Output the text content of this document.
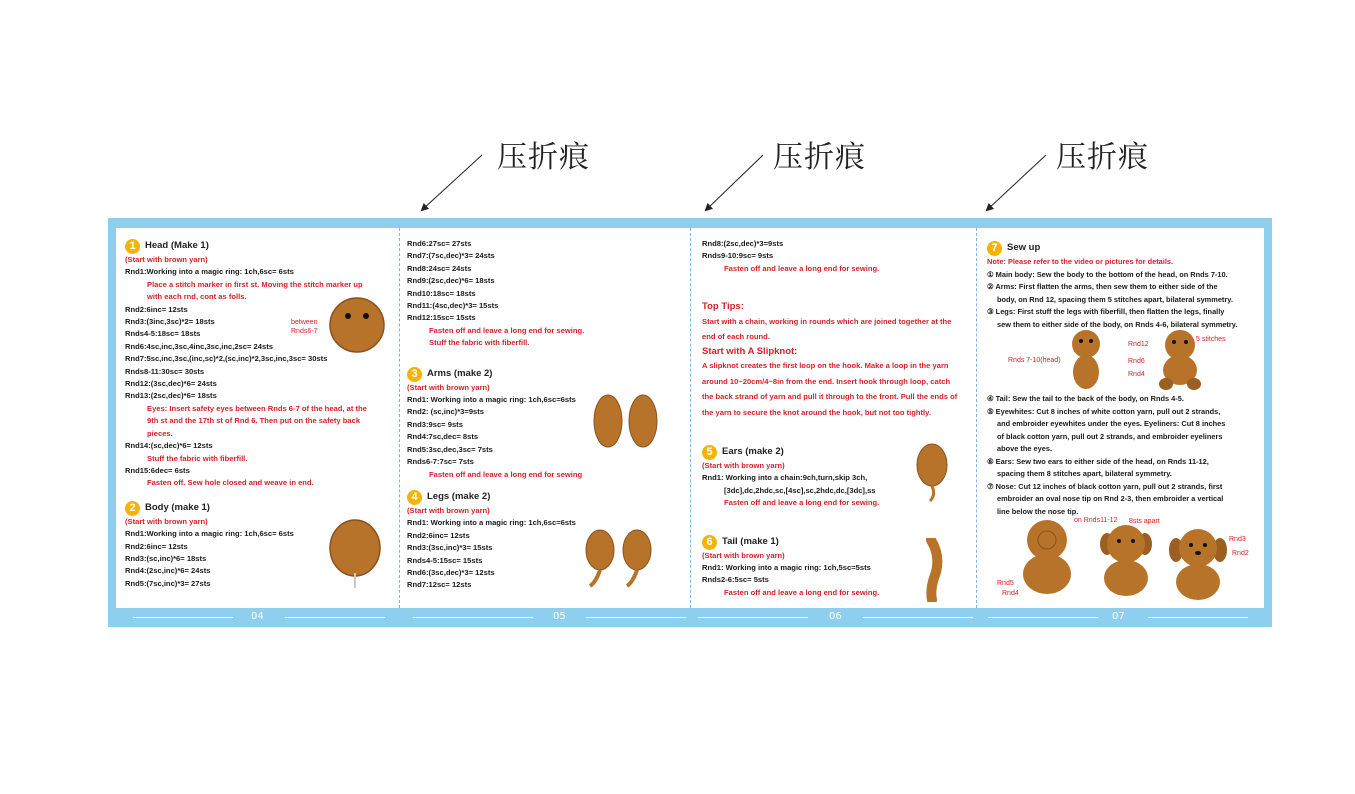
压折痕	压折痕	压折痕
1 Head (Make 1)
(Start with brown yarn)
Rnd1:Working into a magic ring: 1ch,6sc= 6sts
Place a stitch marker in first st. Moving the stitch marker up
with each rnd, cont as folls.
Rnd2:6inc= 12sts
Rnd3:(3inc,3sc)*2= 18sts
Rnds4-5:18sc= 18sts
Rnd6:4sc,inc,3sc,4inc,3sc,inc,2sc= 24sts
Rnd7:5sc,inc,3sc,(inc,sc)*2,(sc,inc)*2,3sc,inc,3sc= 30sts
Rnds8-11:30sc= 30sts
Rnd12:(3sc,dec)*6= 24sts
Rnd13:(2sc,dec)*6= 18sts
Eyes: Insert safety eyes between Rnds 6-7 of the head, at the
9th st and the 17th st of Rnd 6. Then put on the safety back
pieces.
Rnd14:(sc,dec)*6= 12sts
Stuff the fabric with fiberfill.
Rnd15:6dec= 6sts
Fasten off. Sew hole closed and weave in end.
2 Body (make 1)
(Start with brown yarn)
Rnd1:Working into a magic ring: 1ch,6sc= 6sts
Rnd2:6inc= 12sts
Rnd3:(sc,inc)*6= 18sts
Rnd4:(2sc,inc)*6= 24sts
Rnd5:(7sc,inc)*3= 27sts
between
Rnds6-7
Rnd6:27sc= 27sts
Rnd7:(7sc,dec)*3= 24sts
Rnd8:24sc= 24sts
Rnd9:(2sc,dec)*6= 18sts
Rnd10:18sc= 18sts
Rnd11:(4sc,dec)*3= 15sts
Rnd12:15sc= 15sts
Fasten off and leave a long end for sewing.
Stuff the fabric with fiberfill.
3 Arms (make 2)
(Start with brown yarn)
Rnd1: Working into a magic ring: 1ch,6sc=6sts
Rnd2: (sc,inc)*3=9sts
Rnd3:9sc= 9sts
Rnd4:7sc,dec= 8sts
Rnd5:3sc,dec,3sc= 7sts
Rnds6-7:7sc= 7sts
Fasten off and leave a long end for sewing
4 Legs (make 2)
(Start with brown yarn)
Rnd1: Working into a magic ring: 1ch,6sc=6sts
Rnd2:6inc= 12sts
Rnd3:(3sc,inc)*3= 15sts
Rnds4-5:15sc= 15sts
Rnd6:(3sc,dec)*3= 12sts
Rnd7:12sc= 12sts
Rnd8:(2sc,dec)*3=9sts
Rnds9-10:9sc= 9sts
Fasten off and leave a long end for sewing.
Top Tips:
Start with a chain, working in rounds which are joined together at the
end of each round.
Start with A Slipknot:
A slipknot creates the first loop on the hook. Make a loop in the yarn
around 10~20cm/4~8in from the end. Insert hook through loop, catch
the back strand of yarn and pull it through to the front. Pull the ends of
the yarn to secure the knot around the hook, but not too tightly.
5 Ears (make 2)
(Start with brown yarn)
Rnd1: Working into a chain:9ch,turn,skip 3ch,
[3dc],dc,2hdc,sc,[4sc],sc,2hdc,dc,[3dc],ss
Fasten off and leave a long end for sewing.
6 Tail (make 1)
(Start with brown yarn)
Rnd1: Working into a magic ring: 1ch,5sc=5sts
Rnds2-6:5sc= 5sts
Fasten off and leave a long end for sewing.
7 Sew up
Note: Please refer to the video or pictures for details.
① Main body: Sew the body to the bottom of the head, on Rnds 7-10.
② Arms: First flatten the arms, then sew them to either side of the
body, on Rnd 12, spacing them 5 stitches apart, bilateral symmetry.
③ Legs: First stuff the legs with fiberfill, then flatten the legs, finally
sew them to either side of the body, on Rnds 4-6, bilateral symmetry.
④ Tail: Sew the tail to the back of the body, on Rnds 4-5.
⑤ Eyewhites: Cut 8 inches of white cotton yarn, pull out 2 strands,
and embroider eyewhites under the eyes. Eyeliners: Cut 8 inches
of black cotton yarn, pull out 2 strands, and embroider eyeliners
above the eyes.
⑥ Ears: Sew two ears to either side of the head, on Rnds 11-12,
spacing them 8 stitches apart, bilateral symmetry.
⑦ Nose: Cut 12 inches of black cotton yarn, pull out 2 strands, first
embroider an oval nose tip on Rnd 2-3, then embroider a vertical
line below the nose tip.
Rnd12
5 stitches
Rnds 7-10(head)	Rnd6
Rnd4
on Rnds11-12 8sts apart
Rnd3
Rnd2
Rnd5
Rnd4
04	05	06	07
